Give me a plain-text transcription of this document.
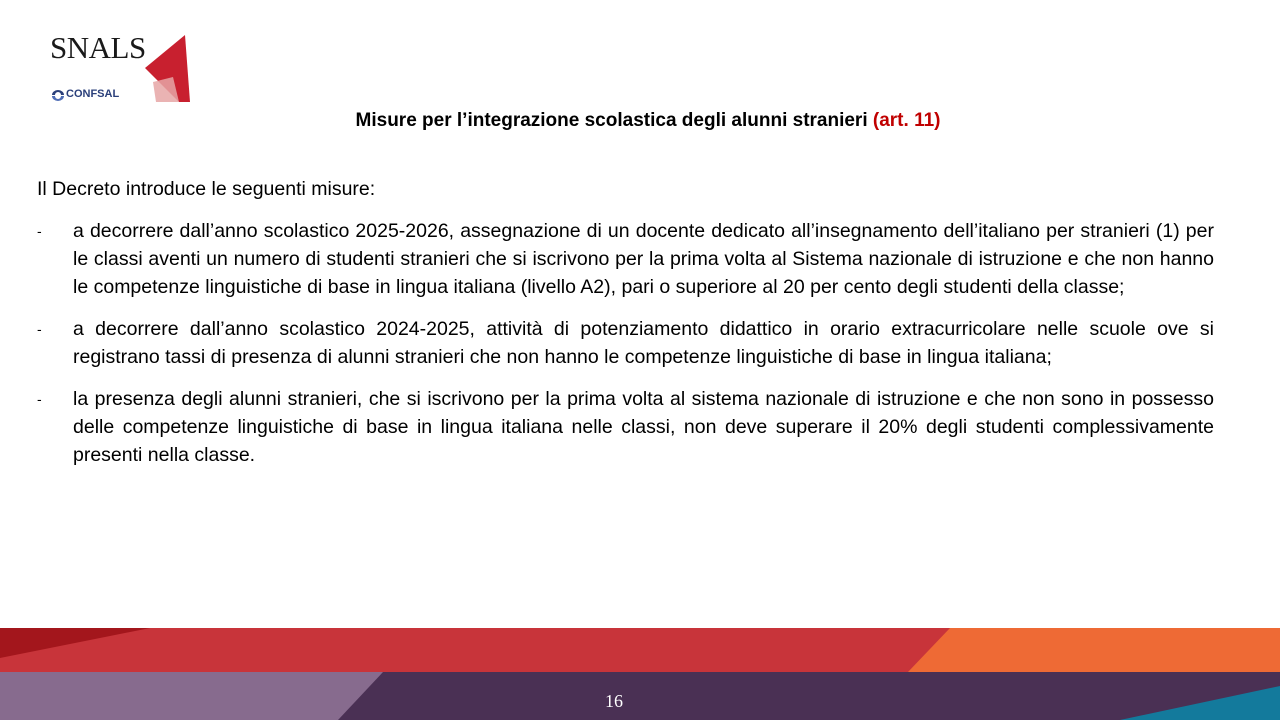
SNALS
CONFSAL
Misure per l’integrazione scolastica degli alunni stranieri (art. 11)

Il Decreto introduce le seguenti misure:

- a decorrere dall’anno scolastico 2025-2026, assegnazione di un docente dedicato all’insegnamento dell’italiano per stranieri (1) per le classi aventi un numero di studenti stranieri che si iscrivono per la prima volta al Sistema nazionale di istruzione e che non hanno le competenze linguistiche di base in lingua italiana (livello A2), pari o superiore al 20 per cento degli studenti della classe;
- a decorrere dall’anno scolastico 2024-2025, attività di potenziamento didattico in orario extracurricolare nelle scuole ove si registrano tassi di presenza di alunni stranieri che non hanno le competenze linguistiche di base in lingua italiana;
- la presenza degli alunni stranieri, che si iscrivono per la prima volta al sistema nazionale di istruzione e che non sono in possesso delle competenze linguistiche di base in lingua italiana nelle classi, non deve superare il 20% degli studenti complessivamente presenti nella classe.
16
